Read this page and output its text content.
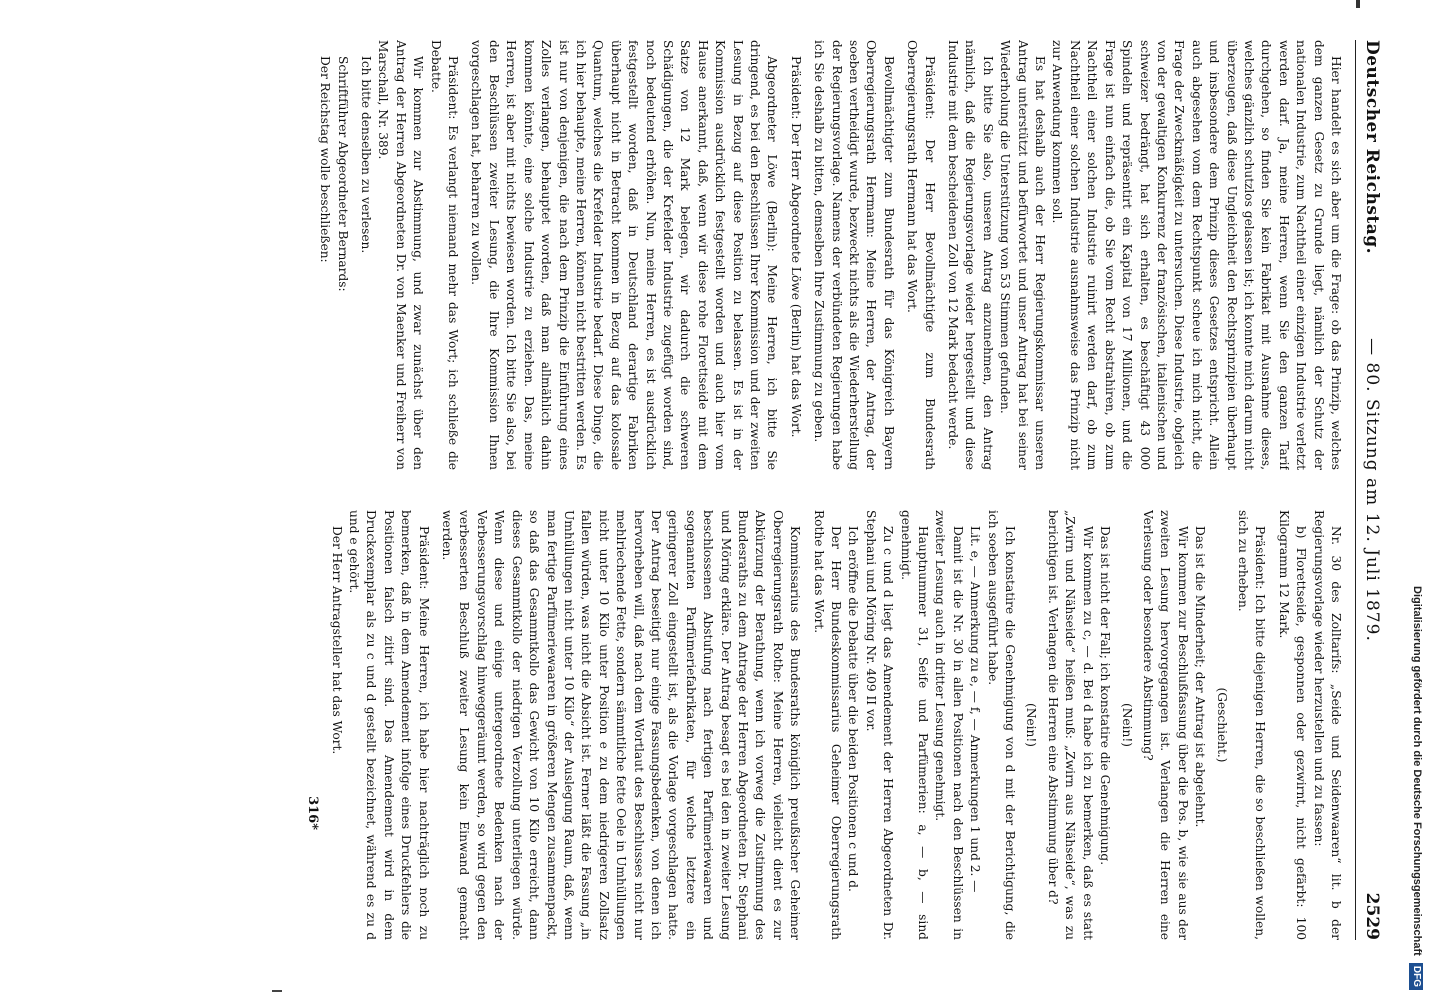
Deutscher Reichstag.
— 80. Sitzung am 12. Juli 1879.
2529

Hier handelt es sich aber um die Frage: ob das Prinzip, welches dem ganzen Gesetz zu Grunde liegt, nämlich der Schutz der nationalen Industrie, zum Nachtheil einer einzigen Industrie verletzt werden darf. Ja, meine Herren, wenn Sie den ganzen Tarif durchgehen, so finden Sie kein Fabrikat mit Ausnahme dieses, welches gänzlich schutzlos gelassen ist; ich konnte mich darum nicht überzeugen, daß diese Ungleichheit den Rechtsprinzipien überhaupt und insbesondere dem Prinzip dieses Gesetzes entspricht. Allein auch abgesehen vom dem Rechtspunkt scheue ich mich nicht, die Frage der Zweckmäßigkeit zu untersuchen. Diese Industrie, obgleich von der gewaltigen Konkurrenz der französischen, italienischen und schweizer bedrängt, hat sich erhalten, es beschäftigt 43 000 Spindeln und repräsentirt ein Kapital von 17 Millionen, und die Frage ist nun einfach die, ob Sie vom Recht abstrahiren, ob zum Nachtheil einer solchen Industrie ruinirt werden darf, ob zum Nachtheil einer solchen Industrie ausnahmsweise das Prinzip nicht zur Anwendung kommen soll.

Es hat deshalb auch der Herr Regierungskommissar unseren Antrag unterstützt und befürwortet und unser Antrag hat bei seiner Wiederholung die Unterstützung von 53 Stimmen gefunden.

Ich bitte Sie also, unseren Antrag anzunehmen, den Antrag nämlich, daß die Regierungsvorlage wieder hergestellt und diese Industrie mit dem bescheidenen Zoll von 12 Mark bedacht werde.

Präsident: Der Herr Bevollmächtigte zum Bundesrath Oberregierungsrath Hermann hat das Wort.

Bevollmächtigter zum Bundesrath für das Königreich Bayern Oberregierungsrath Hermann: Meine Herren, der Antrag, der soeben vertheidigt wurde, bezweckt nichts als die Wiederherstellung der Regierungsvorlage. Namens der verbündeten Regierungen habe ich Sie deshalb zu bitten, demselben Ihre Zustimmung zu geben.

Präsident: Der Herr Abgeordnete Löwe (Berlin) hat das Wort.

Abgeordneter Löwe (Berlin): Meine Herren, ich bitte Sie dringend, es bei den Beschlüssen Ihrer Kommission und der zweiten Lesung in Bezug auf diese Position zu belassen. Es ist in der Kommission ausdrücklich festgestellt worden und auch hier vom Hause anerkannt, daß, wenn wir diese rohe Florettseide mit dem Satze von 12 Mark belegen, wir dadurch die schweren Schädigungen, die der Krefelder Industrie zugefügt worden sind, noch bedeutend erhöhen. Nun, meine Herren, es ist ausdrücklich festgestellt worden, daß in Deutschland derartige Fabriken überhaupt nicht in Betracht kommen in Bezug auf das kolossale Quantum, welches die Krefelder Industrie bedarf. Diese Dinge, die ich hier behaupte, meine Herren, können nicht bestritten werden. Es ist nur von denjenigen, die nach dem Prinzip die Einführung eines Zolles verlangen, behauptet worden, daß man allmählich dahin kommen könnte, eine solche Industrie zu erziehen. Das, meine Herren, ist aber mit nichts bewiesen worden. Ich bitte Sie also, bei den Beschlüssen zweiter Lesung, die Ihre Kommission Ihnen vorgeschlagen hat, beharren zu wollen.

Präsident: Es verlangt niemand mehr das Wort; ich schließe die Debatte.

Wir kommen zur Abstimmung, und zwar zunächst über den Antrag der Herren Abgeordneten Dr. von Maenker und Freiherr von Marschall, Nr. 389.

Ich bitte denselben zu verlesen.

Schriftführer Abgeordneter Bernards:

Der Reichstag wolle beschließen:

Nr. 30 des Zolltarifs: „Seide und Seidenwaaren“ lit. b der Regierungsvorlage wieder herzustellen und zu fassen:

b) Florettseide, gesponnen oder gezwirnt, nicht gefärbt: 100 Kilogramm 12 Mark.

Präsident: Ich bitte diejenigen Herren, die so beschließen wollen, sich zu erheben.

(Geschieht.)

Das ist die Minderheit; der Antrag ist abgelehnt.

Wir kommen zur Beschlußfassung über die Pos. b, wie sie aus der zweiten Lesung hervorgegangen ist. Verlangen die Herren eine Verlesung oder besondere Abstimmung?

(Nein!)

Das ist nicht der Fall; ich konstatire die Genehmigung.

Wir kommen zu c, — d. Bei d habe ich zu bemerken, daß es statt „Zwirn und Nähseide“ heißen muß: „Zwirn aus Nähseide“, was zu berichtigen ist. Verlangen die Herren eine Abstimmung über d?

(Nein!)

Ich konstatire die Genehmigung von d mit der Berichtigung, die ich soeben ausgeführt habe.

Lit. e, — Anmerkung zu e, — f, — Anmerkungen 1 und 2. —

Damit ist die Nr. 30 in allen Positionen nach den Beschlüssen in zweiter Lesung auch in dritter Lesung genehmigt.

Hauptnummer 31, Seife und Parfümerien: a, — b, — sind genehmigt.

Zu c und d liegt das Amendement der Herren Abgeordneten Dr. Stephani und Möring Nr. 409 II vor.

Ich eröffne die Debatte über die beiden Positionen c und d.

Der Herr Bundeskommissarius Geheimer Oberregierungsrath Rothe hat das Wort.

Kommissarius des Bundesraths königlich preußischer Geheimer Oberregierungsrath Rothe: Meine Herren, vielleicht dient es zur Abkürzung der Berathung, wenn ich vorweg die Zustimmung des Bundesraths zu dem Antrage der Herren Abgeordneten Dr. Stephani und Möring erkläre. Der Antrag besagt es bei den in zweiter Lesung beschlossenen Abstufung nach fertigen Parfümeriewaaren und sogenannten Parfümeriefabrikaten, für welche letztere ein geringerer Zoll eingestellt ist, als die Vorlage vorgeschlagen hatte. Der Antrag beseitigt nur einige Fassungsbedenken, von denen ich hervorheben will, daß nach dem Wortlaut des Beschlusses nicht nur mehlriechende Fette, sondern sämmtliche fette Oele in Umhüllungen nicht unter 10 Kilo unter Position e zu dem niedrigeren Zollsatz fallen würden, was nicht die Absicht ist. Ferner läßt die Fassung „in Umhüllungen nicht unter 10 Kilo“ der Auslegung Raum, daß, wenn man fertige Parfümeriewaaren in größeren Mengen zusammenpackt, so daß das Gesammtkollo das Gewicht von 10 Kilo erreicht, dann dieses Gesammtkollo der niedrigen Verzollung unterliegen würde. Wenn diese und einige untergeordnete Bedenken nach der Verbesserungsvorschlag hinweggeräumt werden, so wird gegen den verbesserten Beschluß zweiter Lesung kein Einwand gemacht werden.

Präsident: Meine Herren, ich habe hier nachträglich noch zu bemerken, daß in dem Amendement infolge eines Druckfehlers die Positionen falsch zitirt sind. Das Amendement wird in dem Druckexemplar als zu c und d gestellt bezeichnet, während es zu d und e gehört.

Der Herr Antragsteller hat das Wort.

316*	Digitalisierung gefördert durch die Deutsche Forschungsgemeinschaft DFG
